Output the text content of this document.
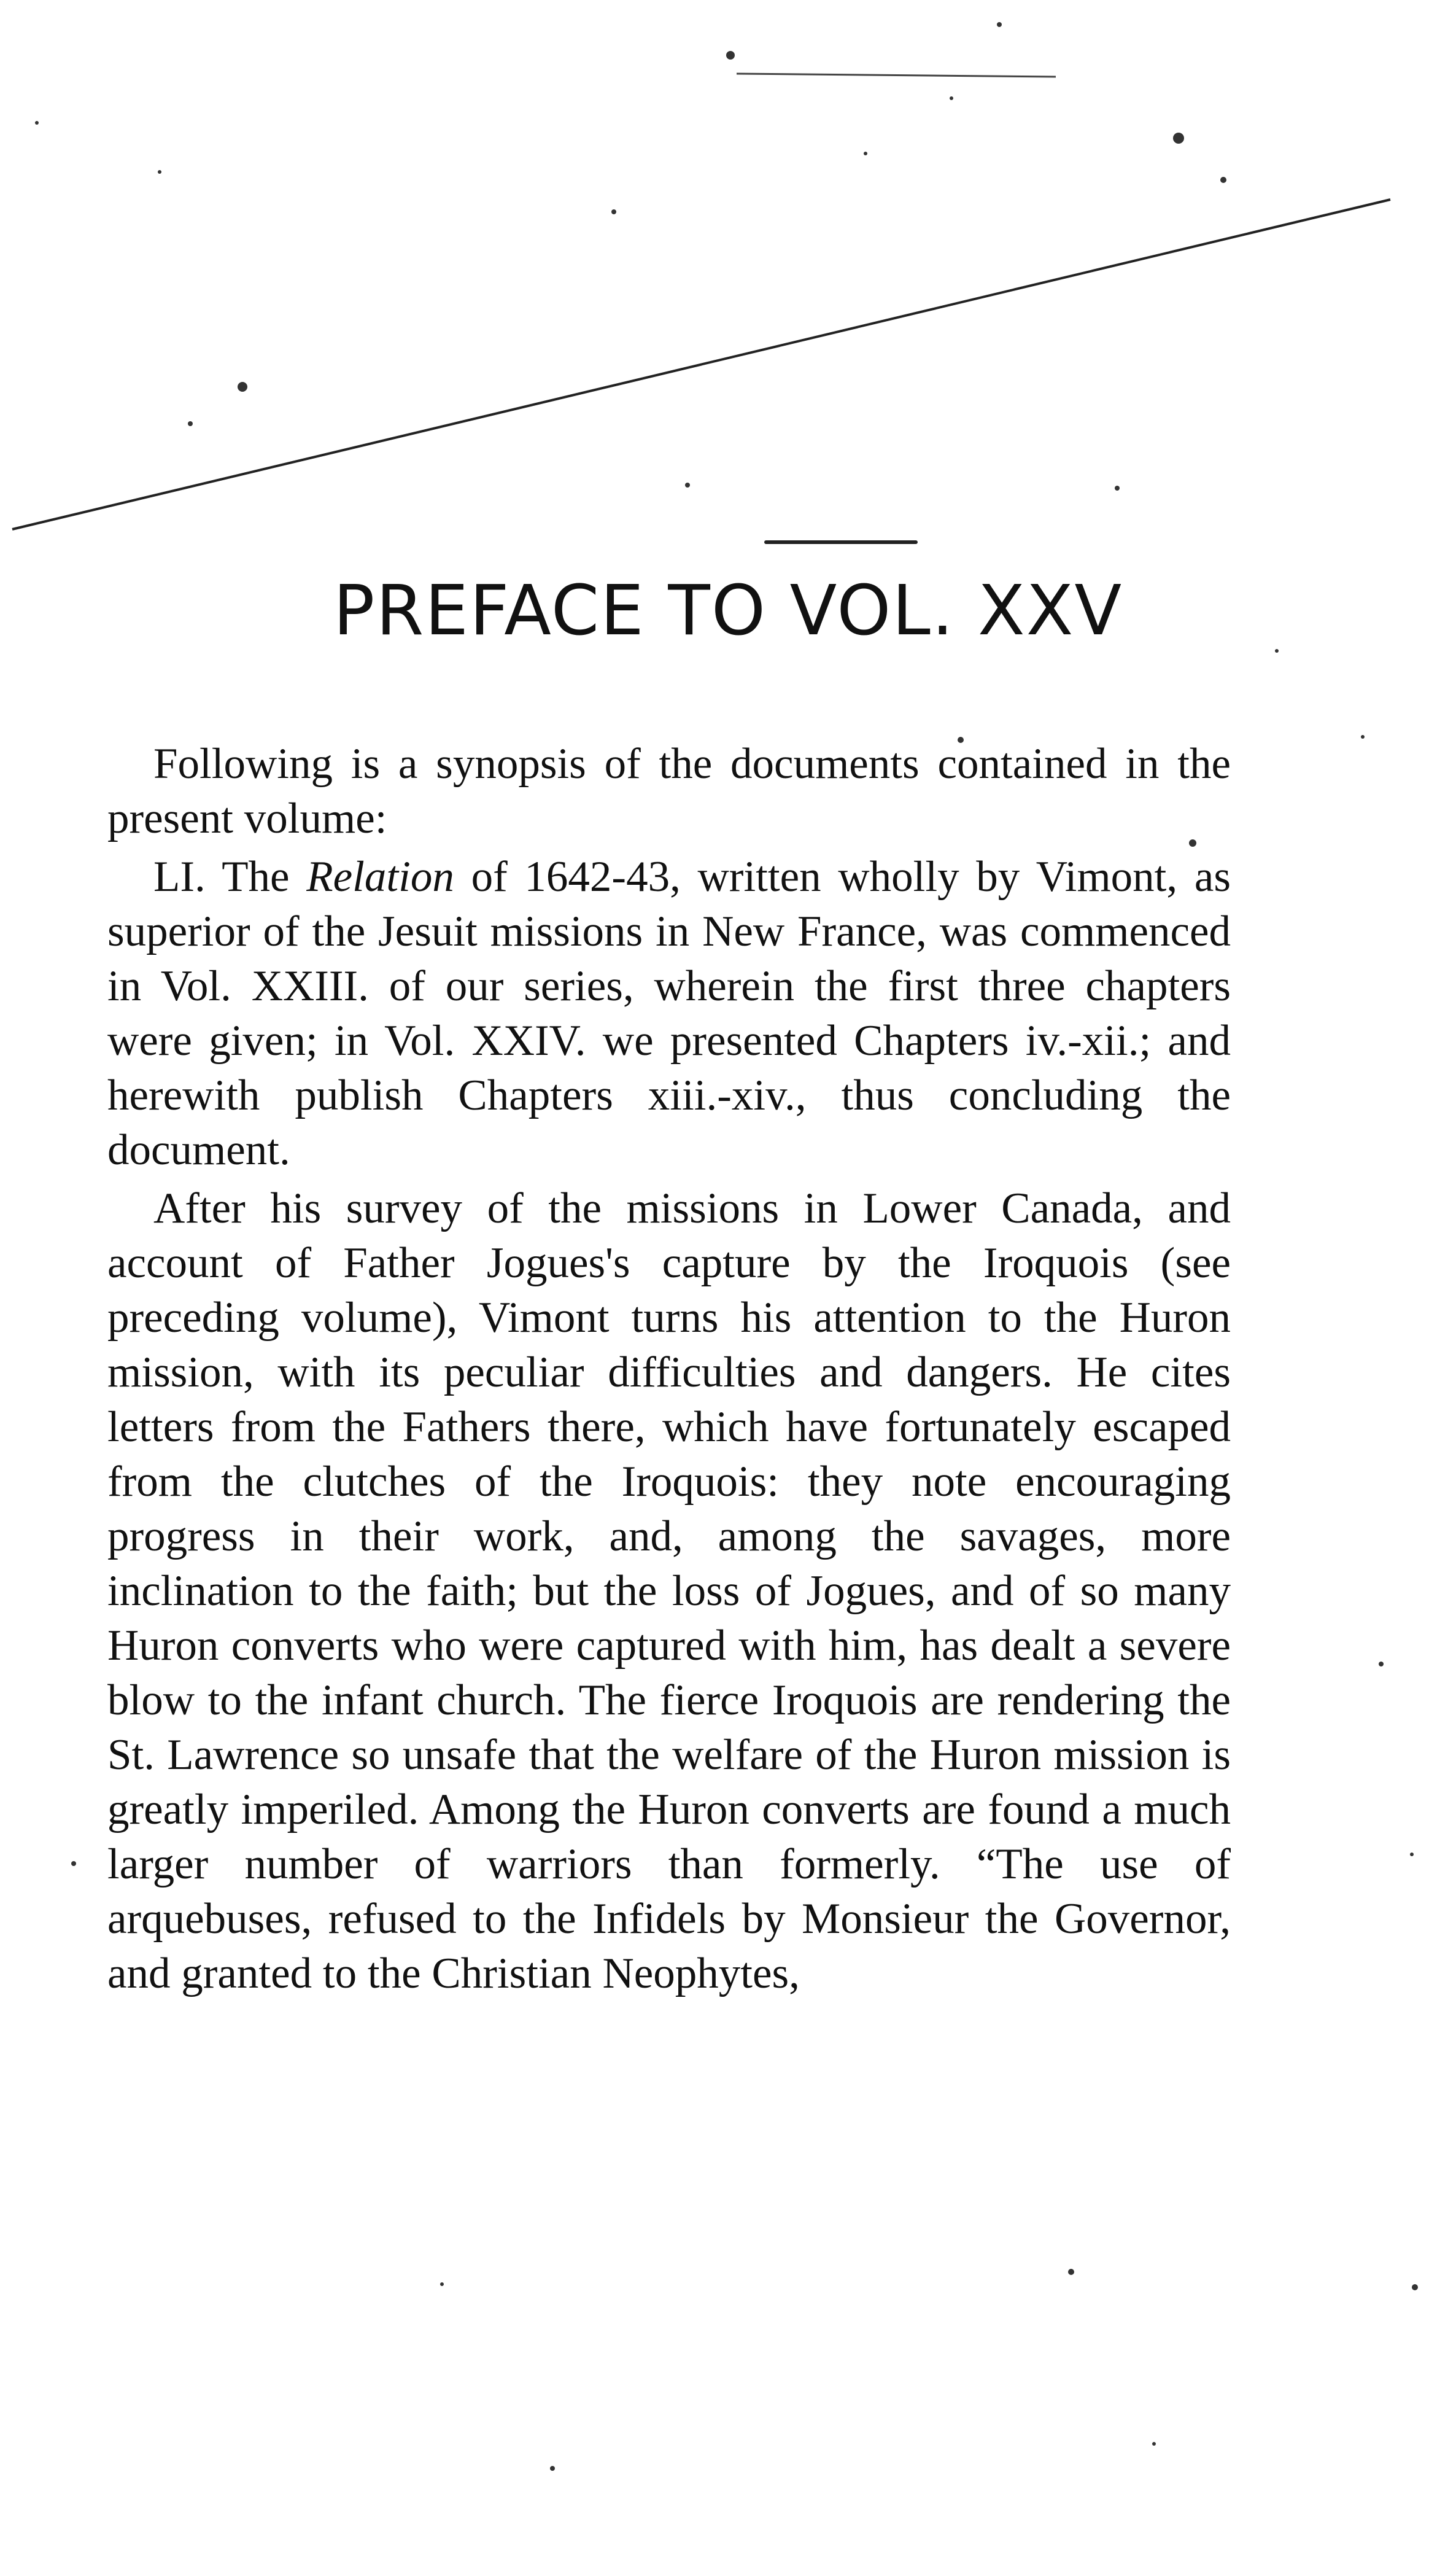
PREFACE TO VOL. XXV

Following is a synopsis of the documents contained in the present volume:

LI. The Relation of 1642-43, written wholly by Vimont, as superior of the Jesuit missions in New France, was commenced in Vol. XXIII. of our series, wherein the first three chapters were given; in Vol. XXIV. we presented Chapters iv.-xii.; and herewith publish Chapters xiii.-xiv., thus concluding the document.

After his survey of the missions in Lower Canada, and account of Father Jogues's capture by the Iroquois (see preceding volume), Vimont turns his attention to the Huron mission, with its peculiar difficulties and dangers. He cites letters from the Fathers there, which have fortunately escaped from the clutches of the Iroquois: they note encouraging progress in their work, and, among the savages, more inclination to the faith; but the loss of Jogues, and of so many Huron converts who were captured with him, has dealt a severe blow to the infant church. The fierce Iroquois are rendering the St. Lawrence so unsafe that the welfare of the Huron mission is greatly imperiled. Among the Huron converts are found a much larger number of warriors than formerly. “The use of arquebuses, refused to the Infidels by Monsieur the Governor, and granted to the Christian Neophytes,
